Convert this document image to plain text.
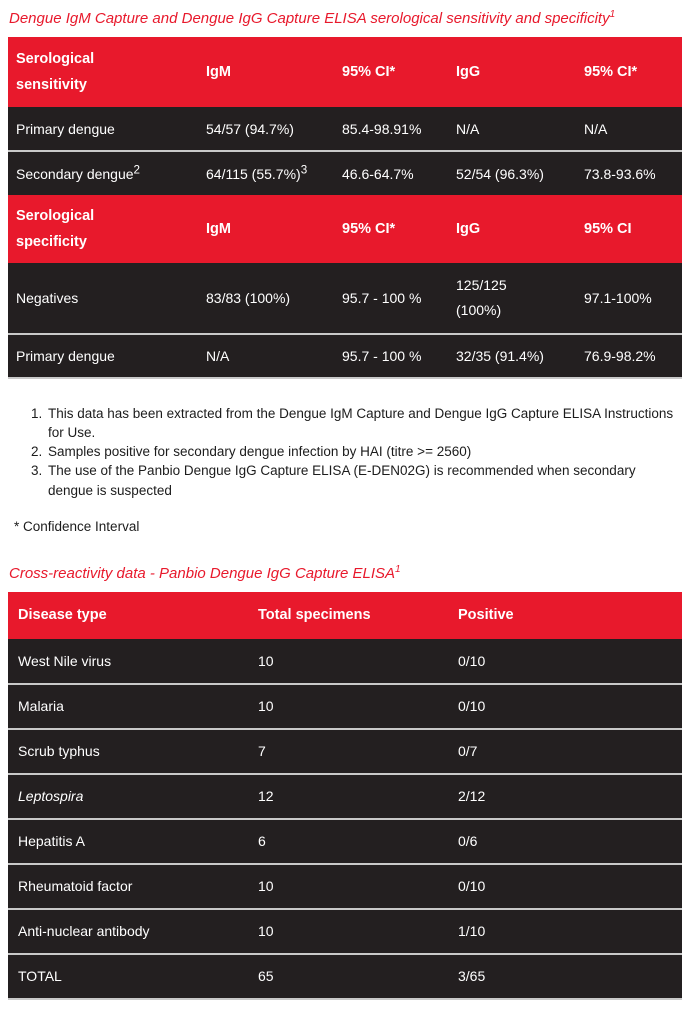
Dengue IgM Capture and Dengue IgG Capture ELISA serological sensitivity and specificity$^1$
Serological sensitivity	IgM	95% CI*	IgG	95% CI*
Primary dengue	54/57 (94.7%)	85.4-98.91%	N/A	N/A
Secondary dengue$^2$	64/115 $(55.7\%)^3$	46.6-64.7%	52/54 (96.3%)	73.8-93.6%
Serological specificity	IgM	95% CI*	IgG	95% CI
Negatives	83/83 (100%)	95.7 - 100 %	125/125 (100%)	97.1-100%
Primary dengue	N/A	95.7 - 100 %	32/35 (91.4%)	76.9-98.2%
1. This data has been extracted from the Dengue IgM Capture and Dengue IgG Capture ELISA Instructions for Use.
2. Samples positive for secondary dengue infection by HAI (titre >= 2560)
3. The use of the Panbio Dengue IgG Capture ELISA (E-DEN02G) is recommended when secondary dengue is suspected

* Confidence Interval

Cross-reactivity data - Panbio Dengue IgG Capture ELISA$^1$
Disease type	Total specimens	Positive
West Nile virus	10	0/10
Malaria	10	0/10
Scrub typhus	7	0/7
Leptospira	12	2/12
Hepatitis A	6	0/6
Rheumatoid factor	10	0/10
Anti-nuclear antibody	10	1/10
TOTAL	65	3/65
